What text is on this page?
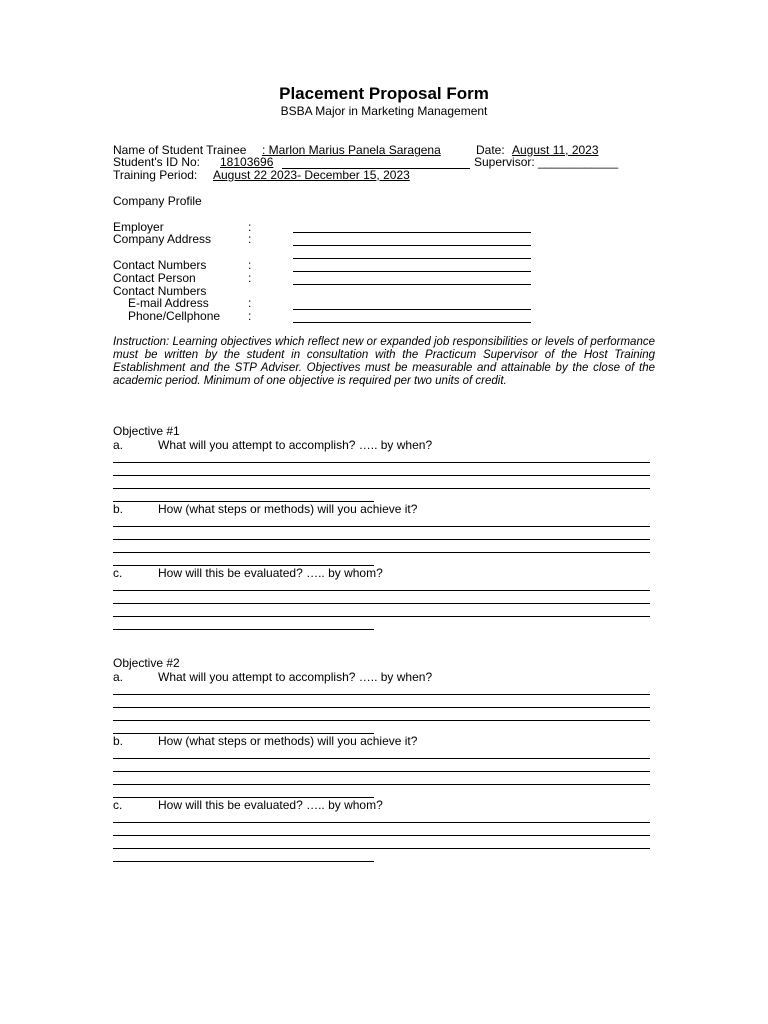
Placement Proposal Form
BSBA Major in Marketing Management
Name of Student Trainee : Marlon Marius Panela Saragena	Date: August 11, 2023
Student's ID No: 18103696	Supervisor: ____________
Training Period: August 22 2023- December 15, 2023
Company Profile
Employer	:
Company Address	:
Contact Numbers	:
Contact Person	:
Contact Numbers
E-mail Address	:
Phone/Cellphone :
Instruction: Learning objectives which reflect new or expanded job responsibilities or levels of performance must be written by the student in consultation with the Practicum Supervisor of the Host Training Establishment and the STP Adviser. Objectives must be measurable and attainable by the close of the academic period. Minimum of one objective is required per two units of credit.
Objective #1
a.	What will you attempt to accomplish? ….. by when?
b.	How (what steps or methods) will you achieve it?
c.	How will this be evaluated? ….. by whom?
Objective #2
a.	What will you attempt to accomplish? ….. by when?
b.	How (what steps or methods) will you achieve it?
c.	How will this be evaluated? ….. by whom?
